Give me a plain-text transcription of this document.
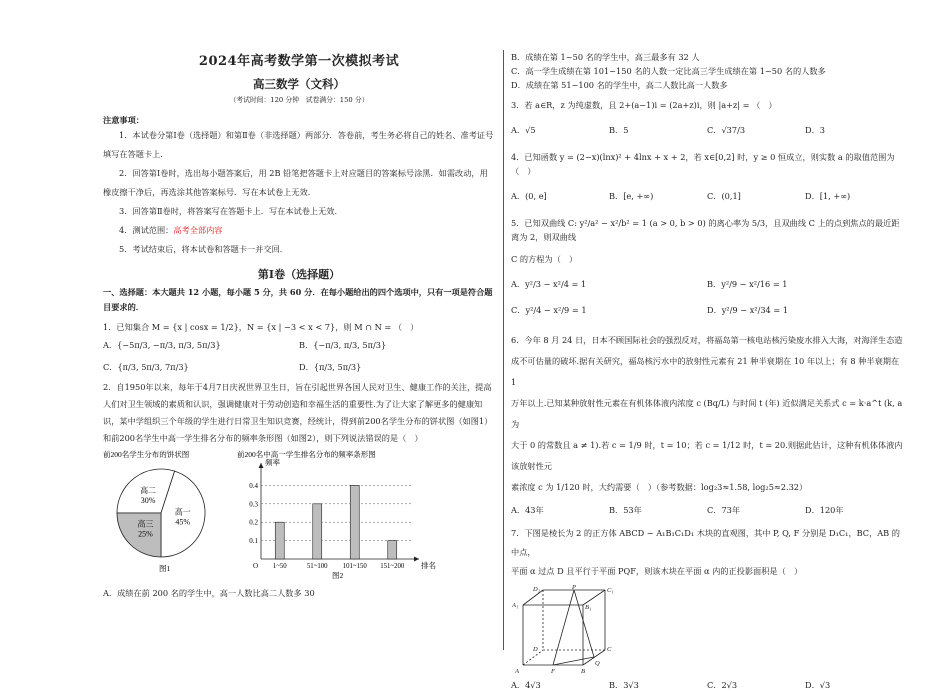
2024年高考数学第一次模拟考试
高三数学（文科）
（考试时间：120 分钟　试卷满分：150 分）
注意事项：

1．本试卷分第Ⅰ卷（选择题）和第Ⅱ卷（非选择题）两部分．答卷前，考生务必将自己的姓名、准考证号填写在答题卡上．

2．回答第Ⅰ卷时，选出每小题答案后，用 2B 铅笔把答题卡上对应题目的答案标号涂黑．如需改动，用橡皮擦干净后，再选涂其他答案标号．写在本试卷上无效．

3．回答第Ⅱ卷时，将答案写在答题卡上．写在本试卷上无效．

4．测试范围：高考全部内容

5．考试结束后，将本试卷和答题卡一并交回．

第Ⅰ卷（选择题）
一、选择题：本大题共 12 小题，每小题 5 分，共 60 分．在每小题给出的四个选项中，只有一项是符合题目要求的．
1．已知集合 M = {x | cosx = 1/2}，N = {x | −3 < x < 7}，则 M ∩ N = （　）
A．{−5π/3, −π/3, π/3, 5π/3}	B．{−π/3, π/3, 5π/3}
C．{π/3, 5π/3, 7π/3}	D．{π/3, 5π/3}
2．自1950年以来，每年于4月7日庆祝世界卫生日，旨在引起世界各国人民对卫生、健康工作的关注，提高人们对卫生领域的素质和认识，强调健康对于劳动创造和幸福生活的重要性.为了让大家了解更多的健康知识，某中学组织三个年级的学生进行日常卫生知识竞赛，经统计，得到前200名学生分布的饼状图（如图1）和前200名学生中高一学生排名分布的频率条形图（如图2），则下列说法错误的是（　）
前200名学生分布的饼状图
高二
30%
高一
45%
高三
25%
图1
前200名中高一学生排名分布的频率条形图
频率
排名
O
0.4
0.3
0.2
0.1
1~50	51~100 101~150 151~200
图2
A．成绩在前 200 名的学生中，高一人数比高二人数多 30

B．成绩在第 1~50 名的学生中，高三最多有 32 人

C．高一学生成绩在第 101~150 名的人数一定比高三学生成绩在第 1~50 名的人数多

D．成绩在第 51~100 名的学生中，高二人数比高一人数多

3．若 a∈R，z 为纯虚数，且 2+(a−1)i = (2a+z)i，则 |a+z| = （　）

A．√5	B．5	C．√37/3	D．3

4．已知函数 y = (2−x)(lnx)² + 4lnx + x + 2，若 x∈[0,2] 时，y ≥ 0 恒成立，则实数 a 的取值范围为（　）

A．(0, e]	B．[e, +∞)	C．(0,1]	D．[1, +∞)

5．已知双曲线 C: y²/a² − x²/b² = 1 (a > 0, b > 0) 的离心率为 5/3，且双曲线 C 上的点到焦点的最近距离为 2，则双曲线

C 的方程为（　）

A．y²/3 − x²/4 = 1	B．y²/9 − x²/16 = 1
C．y²/4 − x²/9 = 1	D．y²/9 − x²/34 = 1

6．今年 8 月 24 日，日本不顾国际社会的强烈反对，将福岛第一核电站核污染废水排入大海，对海洋生态造

成不可估量的破坏.据有关研究，福岛核污水中的放射性元素有 21 种半衰期在 10 年以上；有 8 种半衰期在 1

万年以上.已知某种放射性元素在有机体体液内浓度 c (Bq/L) 与时间 t (年) 近似满足关系式 c = k·a^t (k, a 为

大于 0 的常数且 a ≠ 1).若 c = 1/9 时，t = 10；若 c = 1/12 时，t = 20.则据此估计，这种有机体体液内该放射性元

素浓度 c 为 1/120 时，大约需要（　）（参考数据：log₂3≈1.58, log₂5≈2.32）

A．43年	B．53年	C．73年	D．120年

7．下图是棱长为 2 的正方体 ABCD − A₁B₁C₁D₁ 木块的直观图，其中 P, Q, F 分别是 D₁C₁，BC，AB 的中点，

平面 α 过点 D 且平行于平面 PQF，则该木块在平面 α 内的正投影面积是（　）

D₁	P	C₁
A₁	B₁
D	C
A	F	B
Q
A．4√3	B．3√3	C．2√3	D．√3
